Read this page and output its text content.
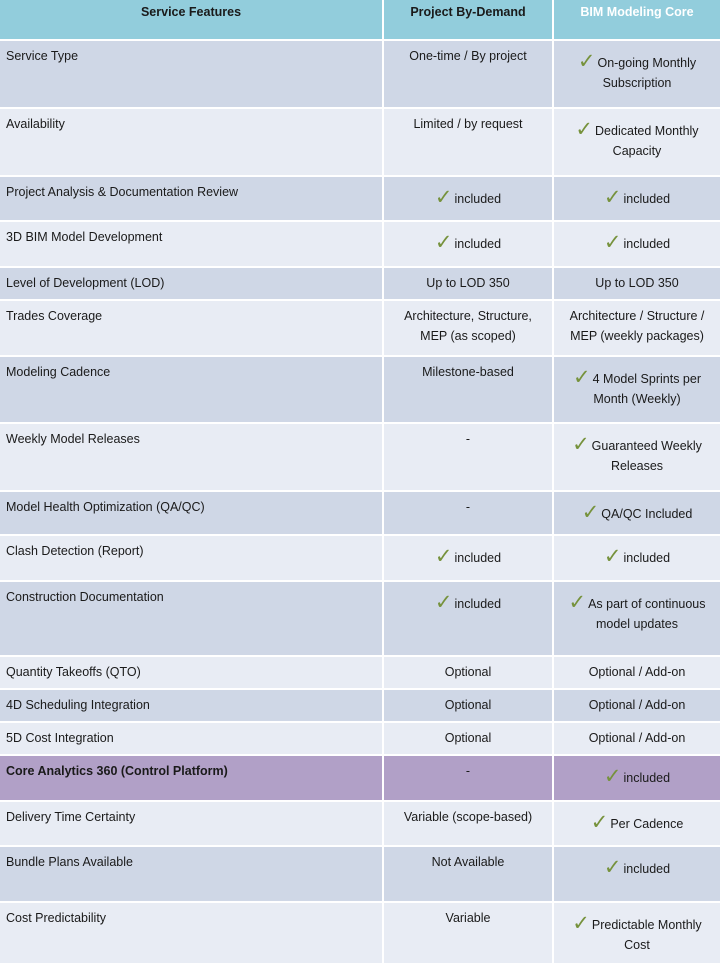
Service Features	Project By-Demand	BIM Modeling Core
Service Type	One-time / By project	✓ On-going Monthly Subscription
Availability	Limited / by request	✓ Dedicated Monthly Capacity
Project Analysis & Documentation Review	✓ included	✓ included
3D BIM Model Development	✓ included	✓ included
Level of Development (LOD)	Up to LOD 350	Up to LOD 350
Trades Coverage	Architecture, Structure, MEP (as scoped)	Architecture / Structure / MEP (weekly packages)
Modeling Cadence	Milestone-based	✓ 4 Model Sprints per Month (Weekly)
Weekly Model Releases	-	✓ Guaranteed Weekly Releases
Model Health Optimization (QA/QC)	-	✓ QA/QC Included
Clash Detection (Report)	✓ included	✓ included
Construction Documentation	✓ included	✓ As part of continuous model updates
Quantity Takeoffs (QTO)	Optional	Optional / Add-on
4D Scheduling Integration	Optional	Optional / Add-on
5D Cost Integration	Optional	Optional / Add-on
Core Analytics 360 (Control Platform)	-	✓ included
Delivery Time Certainty	Variable (scope-based)	✓ Per Cadence
Bundle Plans Available	Not Available	✓ included
Cost Predictability	Variable	✓ Predictable Monthly Cost
